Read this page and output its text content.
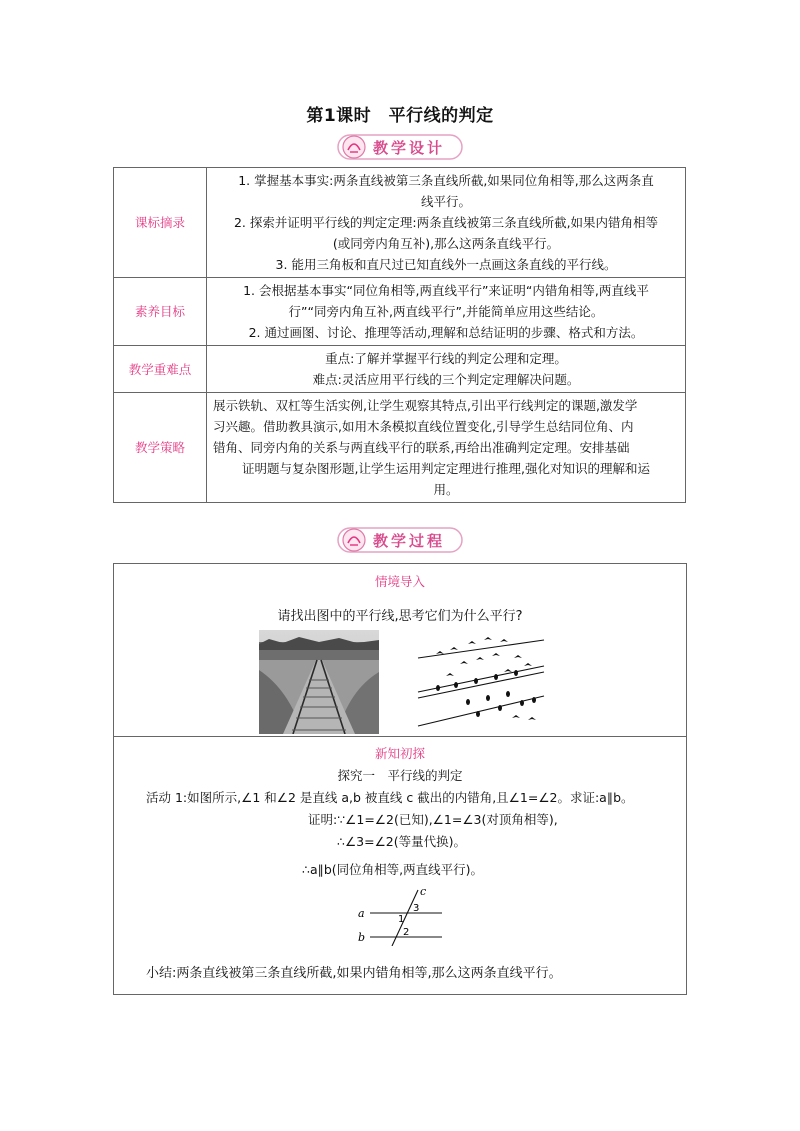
第1课时　平行线的判定
教学设计
课标摘录	1. 掌握基本事实:两条直线被第三条直线所截,如果同位角相等,那么这两条直
线平行。
2. 探索并证明平行线的判定定理:两条直线被第三条直线所截,如果内错角相等
(或同旁内角互补),那么这两条直线平行。
3. 能用三角板和直尺过已知直线外一点画这条直线的平行线。

素养目标	1. 会根据基本事实“同位角相等,两直线平行”来证明“内错角相等,两直线平
行”“同旁内角互补,两直线平行”,并能简单应用这些结论。
2. 通过画图、讨论、推理等活动,理解和总结证明的步骤、格式和方法。

教学重难点	重点:了解并掌握平行线的判定公理和定理。
难点:灵活应用平行线的三个判定定理解决问题。

教学策略	展示铁轨、双杠等生活实例,让学生观察其特点,引出平行线判定的课题,激发学
习兴趣。借助教具演示,如用木条模拟直线位置变化,引导学生总结同位角、内
错角、同旁内角的关系与两直线平行的联系,再给出准确判定定理。安排基础
证明题与复杂图形题,让学生运用判定定理进行推理,强化对知识的理解和运
用。
教学过程
情境导入
请找出图中的平行线,思考它们为什么平行?
新知初探
探究一　平行线的判定
活动 1:如图所示,∠1 和∠2 是直线 a,b 被直线 c 截出的内错角,且∠1=∠2。求证:a∥b。
证明:∵∠1=∠2(已知),∠1=∠3(对顶角相等),
∴∠3=∠2(等量代换)。
∴a∥b(同位角相等,两直线平行)。
a
b
c
1
3
2
小结:两条直线被第三条直线所截,如果内错角相等,那么这两条直线平行。
